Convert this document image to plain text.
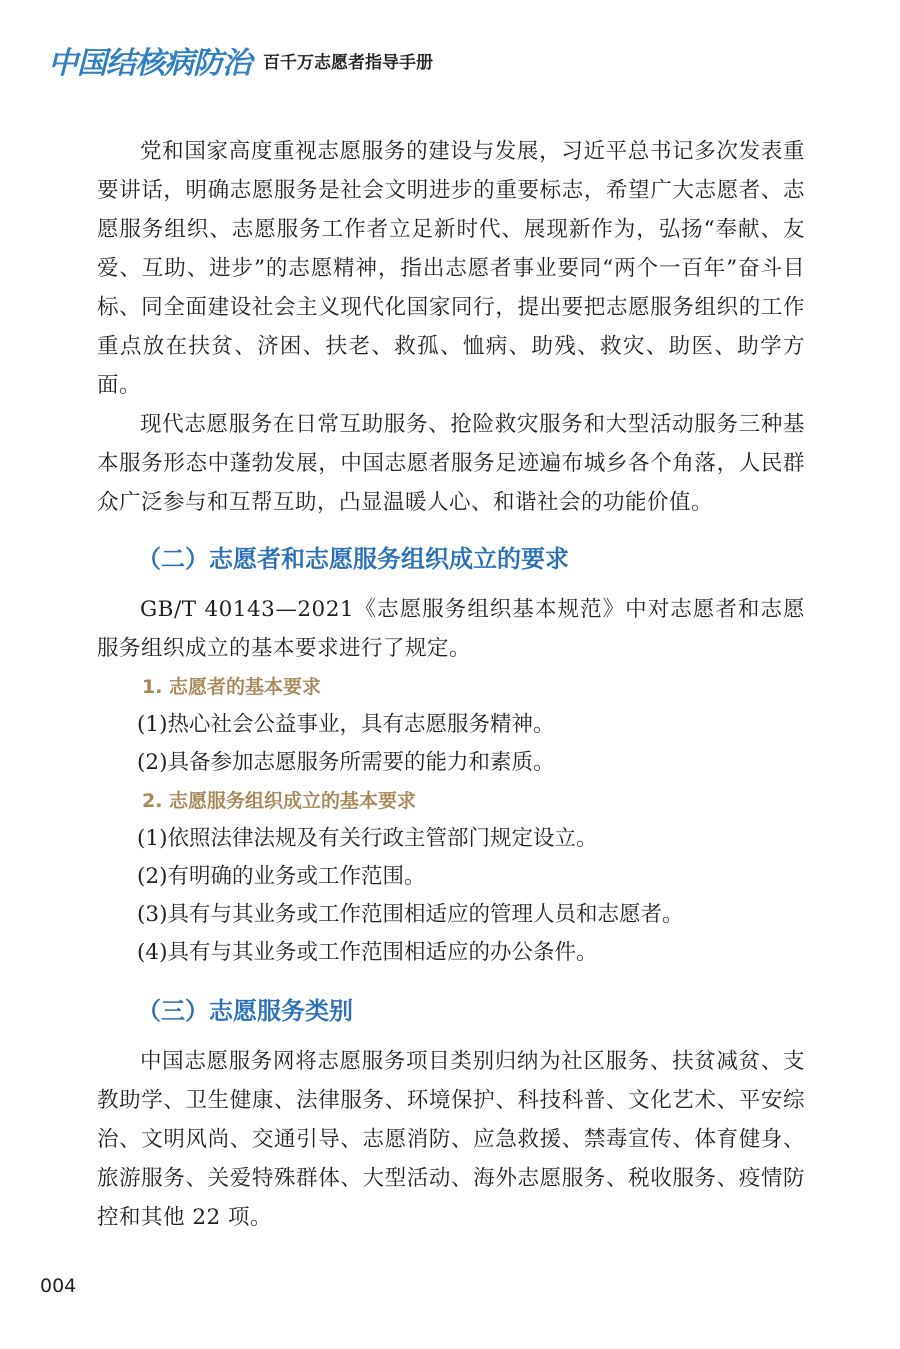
中国结核病防治 百千万志愿者指导手册

党和国家高度重视志愿服务的建设与发展，习近平总书记多次发表重要讲话，明确志愿服务是社会文明进步的重要标志，希望广大志愿者、志愿服务组织、志愿服务工作者立足新时代、展现新作为，弘扬“奉献、友爱、互助、进步”的志愿精神，指出志愿者事业要同“两个一百年”奋斗目标、同全面建设社会主义现代化国家同行，提出要把志愿服务组织的工作重点放在扶贫、济困、扶老、救孤、恤病、助残、救灾、助医、助学方面。

现代志愿服务在日常互助服务、抢险救灾服务和大型活动服务三种基本服务形态中蓬勃发展，中国志愿者服务足迹遍布城乡各个角落，人民群众广泛参与和互帮互助，凸显温暖人心、和谐社会的功能价值。

（二）志愿者和志愿服务组织成立的要求

GB/T 40143—2021《志愿服务组织基本规范》中对志愿者和志愿服务组织成立的基本要求进行了规定。

1. 志愿者的基本要求

(1)热心社会公益事业，具有志愿服务精神。

(2)具备参加志愿服务所需要的能力和素质。

2. 志愿服务组织成立的基本要求

(1)依照法律法规及有关行政主管部门规定设立。

(2)有明确的业务或工作范围。

(3)具有与其业务或工作范围相适应的管理人员和志愿者。

(4)具有与其业务或工作范围相适应的办公条件。

（三）志愿服务类别

中国志愿服务网将志愿服务项目类别归纳为社区服务、扶贫减贫、支教助学、卫生健康、法律服务、环境保护、科技科普、文化艺术、平安综治、文明风尚、交通引导、志愿消防、应急救援、禁毒宣传、体育健身、旅游服务、关爱特殊群体、大型活动、海外志愿服务、税收服务、疫情防控和其他 22 项。

004
